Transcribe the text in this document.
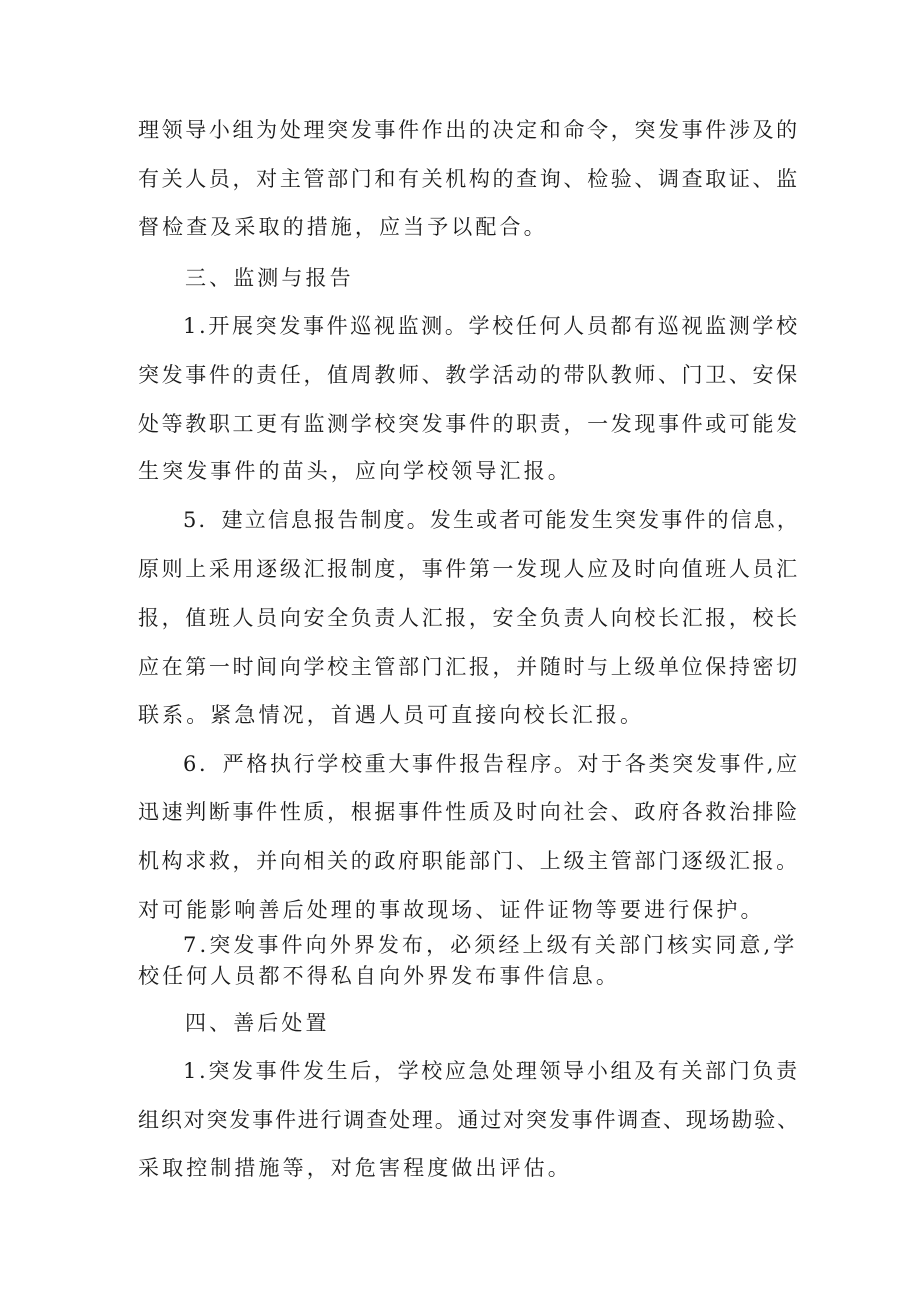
理领导小组为处理突发事件作出的决定和命令，突发事件涉及的
有关人员，对主管部门和有关机构的查询、检验、调查取证、监
督检查及采取的措施，应当予以配合。
三、监测与报告
1.开展突发事件巡视监测。学校任何人员都有巡视监测学校
突发事件的责任，值周教师、教学活动的带队教师、门卫、安保
处等教职工更有监测学校突发事件的职责，一发现事件或可能发
生突发事件的苗头，应向学校领导汇报。
5．建立信息报告制度。发生或者可能发生突发事件的信息，
原则上采用逐级汇报制度，事件第一发现人应及时向值班人员汇
报，值班人员向安全负责人汇报，安全负责人向校长汇报，校长
应在第一时间向学校主管部门汇报，并随时与上级单位保持密切
联系。紧急情况，首遇人员可直接向校长汇报。
6．严格执行学校重大事件报告程序。对于各类突发事件,应
迅速判断事件性质，根据事件性质及时向社会、政府各救治排险
机构求救，并向相关的政府职能部门、上级主管部门逐级汇报。
对可能影响善后处理的事故现场、证件证物等要进行保护。
7.突发事件向外界发布，必须经上级有关部门核实同意,学
校任何人员都不得私自向外界发布事件信息。
四、善后处置
1.突发事件发生后，学校应急处理领导小组及有关部门负责
组织对突发事件进行调查处理。通过对突发事件调查、现场勘验、
采取控制措施等，对危害程度做出评估。
